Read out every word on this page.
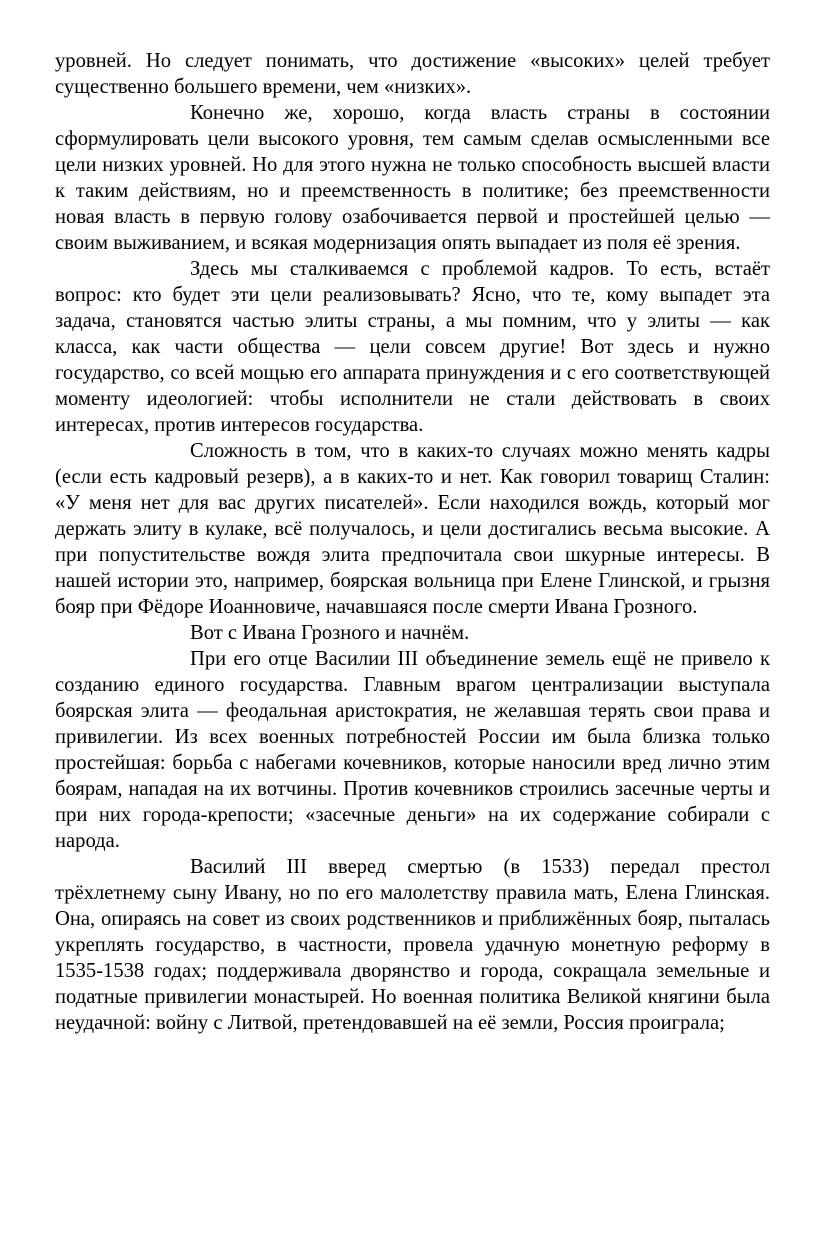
уровней. Но следует понимать, что достижение «высоких» целей требует существенно большего времени, чем «низких».

Конечно же, хорошо, когда власть страны в состоянии сформулировать цели высокого уровня, тем самым сделав осмысленными все цели низких уровней. Но для этого нужна не только способность высшей власти к таким действиям, но и преемственность в политике; без преемственности новая власть в первую голову озабочивается первой и простейшей целью — своим выживанием, и всякая модернизация опять выпадает из поля её зрения.

Здесь мы сталкиваемся с проблемой кадров. То есть, встаёт вопрос: кто будет эти цели реализовывать? Ясно, что те, кому выпадет эта задача, становятся частью элиты страны, а мы помним, что у элиты — как класса, как части общества — цели совсем другие! Вот здесь и нужно государство, со всей мощью его аппарата принуждения и с его соответствующей моменту идеологией: чтобы исполнители не стали действовать в своих интересах, против интересов государства.

Сложность в том, что в каких-то случаях можно менять кадры (если есть кадровый резерв), а в каких-то и нет. Как говорил товарищ Сталин: «У меня нет для вас других писателей». Если находился вождь, который мог держать элиту в кулаке, всё получалось, и цели достигались весьма высокие. А при попустительстве вождя элита предпочитала свои шкурные интересы. В нашей истории это, например, боярская вольница при Елене Глинской, и грызня бояр при Фёдоре Иоанновиче, начавшаяся после смерти Ивана Грозного.

Вот с Ивана Грозного и начнём.

При его отце Василии III объединение земель ещё не привело к созданию единого государства. Главным врагом централизации выступала боярская элита — феодальная аристократия, не желавшая терять свои права и привилегии. Из всех военных потребностей России им была близка только простейшая: борьба с набегами кочевников, которые наносили вред лично этим боярам, нападая на их вотчины. Против кочевников строились засечные черты и при них города-крепости; «засечные деньги» на их содержание собирали с народа.

Василий III вверед смертью (в 1533) передал престол трёхлетнему сыну Ивану, но по его малолетству правила мать, Елена Глинская. Она, опираясь на совет из своих родственников и приближённых бояр, пыталась укреплять государство, в частности, провела удачную монетную реформу в 1535-1538 годах; поддерживала дворянство и города, сокращала земельные и податные привилегии монастырей. Но военная политика Великой княгини была неудачной: войну с Литвой, претендовавшей на её земли, Россия проиграла;
